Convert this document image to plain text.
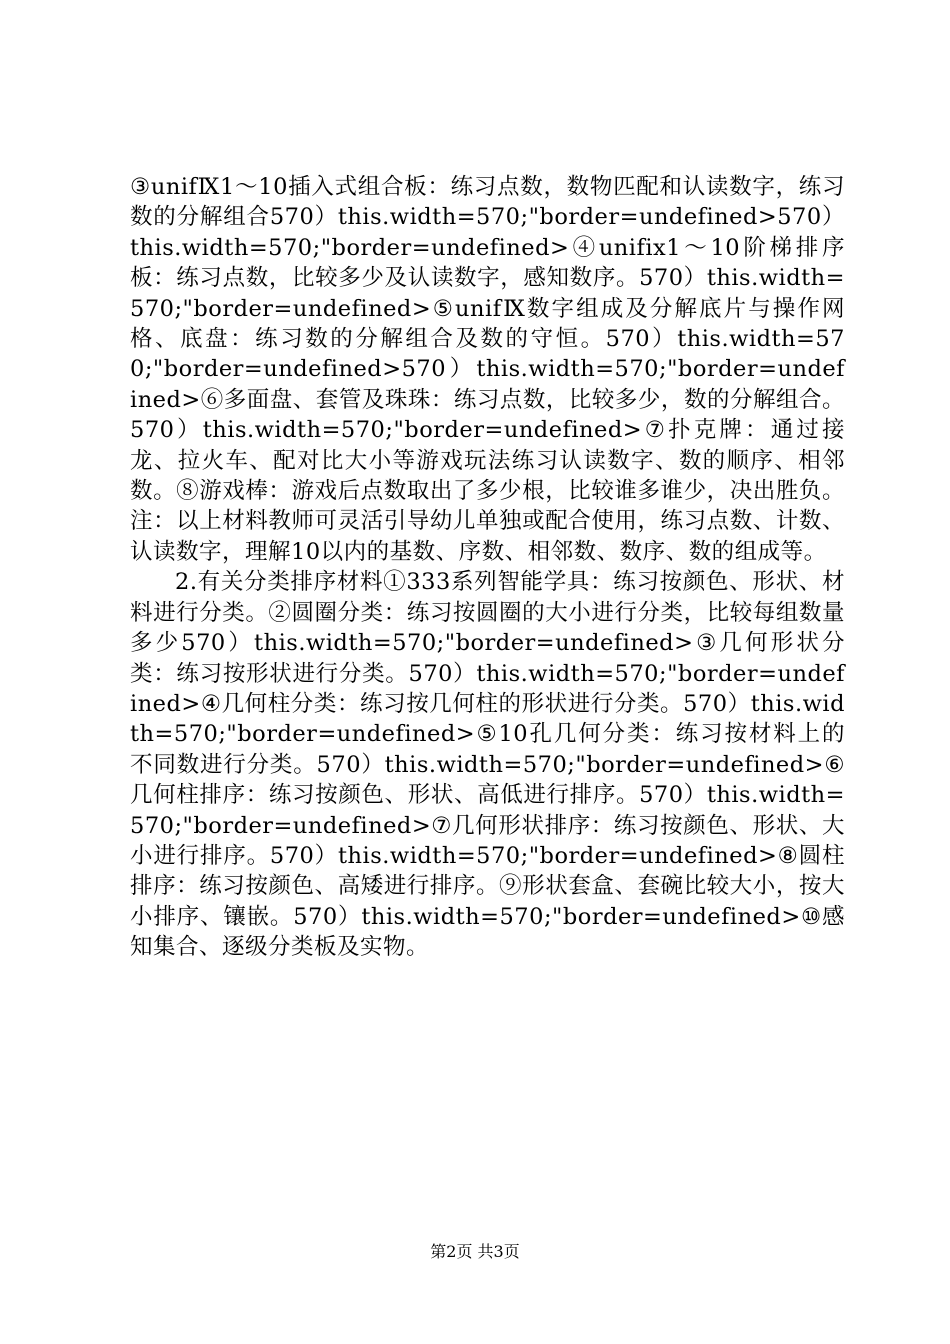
③unifⅨ1～10插入式组合板：练习点数，数物匹配和认读数字，练习数的分解组合570）this.width=570;"border=undefined>570）this.width=570;"border=undefined>④unifix1～10阶梯排序板：练习点数，比较多少及认读数字，感知数序。570）this.width=570;"border=undefined>⑤unifⅨ数字组成及分解底片与操作网格、底盘：练习数的分解组合及数的守恒。570）this.width=570;"border=undefined>570）this.width=570;"border=undefined>⑥多面盘、套管及珠珠：练习点数，比较多少，数的分解组合。570）this.width=570;"border=undefined>⑦扑克牌：通过接龙、拉火车、配对比大小等游戏玩法练习认读数字、数的顺序、相邻数。⑧游戏棒：游戏后点数取出了多少根，比较谁多谁少，决出胜负。注：以上材料教师可灵活引导幼儿单独或配合使用，练习点数、计数、认读数字，理解10以内的基数、序数、相邻数、数序、数的组成等。

2.有关分类排序材料①333系列智能学具：练习按颜色、形状、材料进行分类。②圆圈分类：练习按圆圈的大小进行分类，比较每组数量多少570）this.width=570;"border=undefined>③几何形状分类：练习按形状进行分类。570）this.width=570;"border=undefined>④几何柱分类：练习按几何柱的形状进行分类。570）this.width=570;"border=undefined>⑤10孔几何分类：练习按材料上的不同数进行分类。570）this.width=570;"border=undefined>⑥几何柱排序：练习按颜色、形状、高低进行排序。570）this.width=570;"border=undefined>⑦几何形状排序：练习按颜色、形状、大小进行排序。570）this.width=570;"border=undefined>⑧圆柱排序：练习按颜色、高矮进行排序。⑨形状套盒、套碗比较大小，按大小排序、镶嵌。570）this.width=570;"border=undefined>⑩感知集合、逐级分类板及实物。

第2页 共3页
